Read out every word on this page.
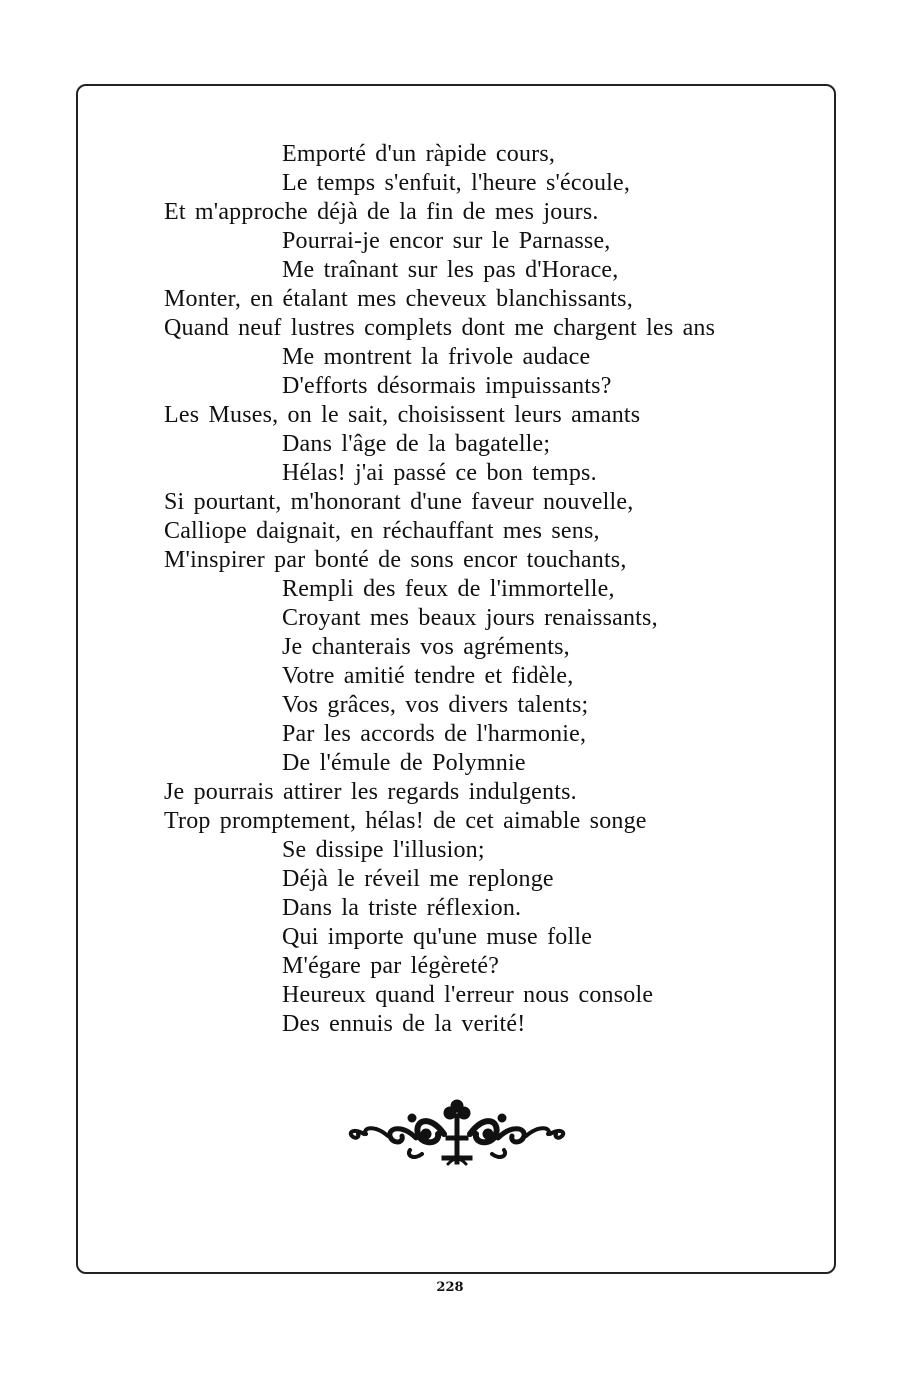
Emporté d'un ràpide cours,
Le temps s'enfuit, l'heure s'écoule,
Et m'approche déjà de la fin de mes jours.
Pourrai-je encor sur le Parnasse,
Me traînant sur les pas d'Horace,
Monter, en étalant mes cheveux blanchissants,
Quand neuf lustres complets dont me chargent les ans
Me montrent la frivole audace
D'efforts désormais impuissants?
Les Muses, on le sait, choisissent leurs amants
Dans l'âge de la bagatelle;
Hélas! j'ai passé ce bon temps.
Si pourtant, m'honorant d'une faveur nouvelle,
Calliope daignait, en réchauffant mes sens,
M'inspirer par bonté de sons encor touchants,
Rempli des feux de l'immortelle,
Croyant mes beaux jours renaissants,
Je chanterais vos agréments,
Votre amitié tendre et fidèle,
Vos grâces, vos divers talents;
Par les accords de l'harmonie,
De l'émule de Polymnie
Je pourrais attirer les regards indulgents.
Trop promptement, hélas! de cet aimable songe
Se dissipe l'illusion;
Déjà le réveil me replonge
Dans la triste réflexion.
Qui importe qu'une muse folle
M'égare par légèreté?
Heureux quand l'erreur nous console
Des ennuis de la verité!
228
